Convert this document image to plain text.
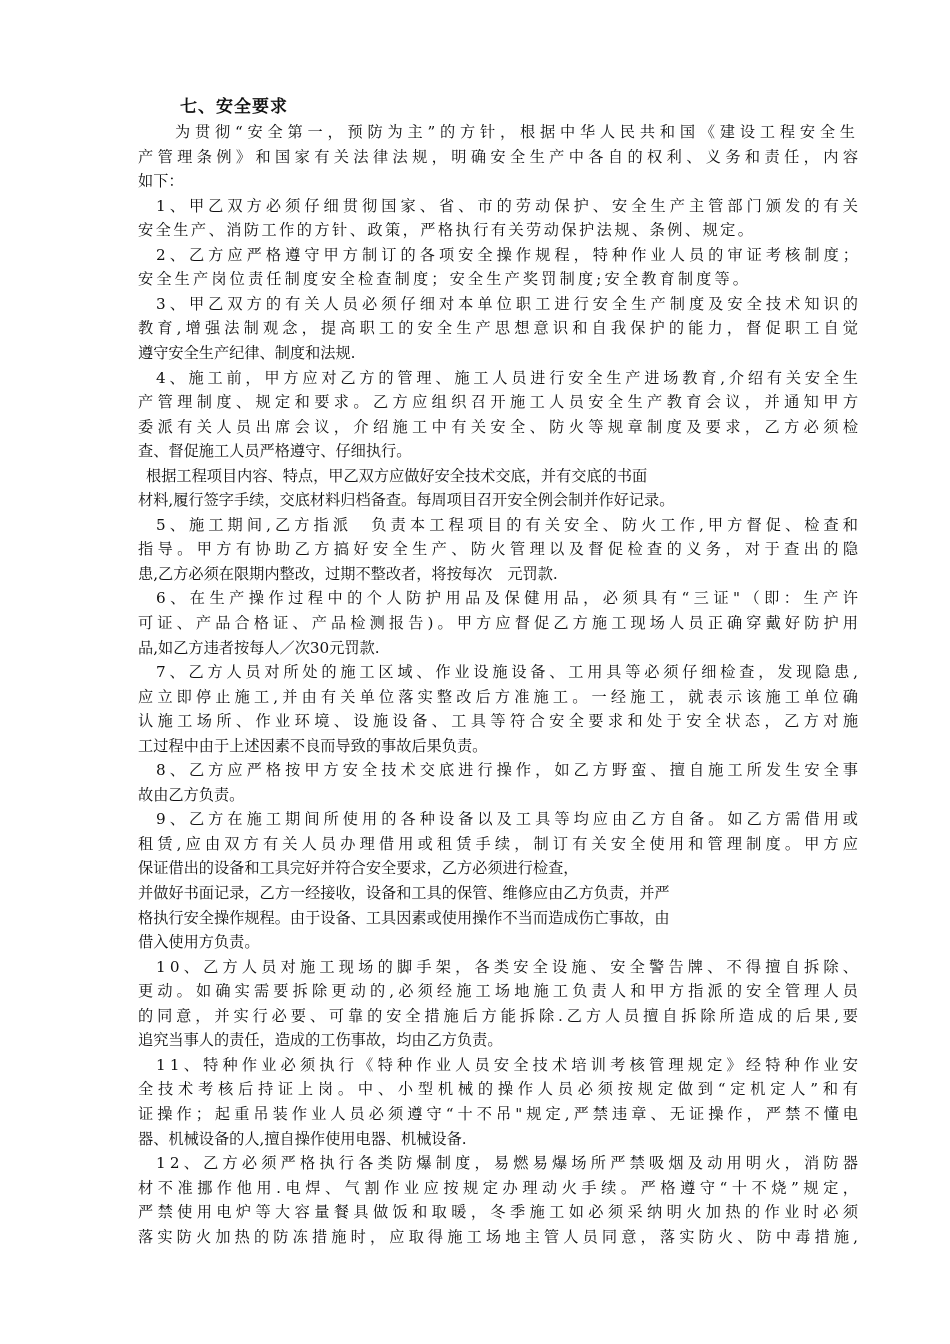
七、安全要求
为贯彻“安全第一，预防为主”的方针，根据中华人民共和国《建设工程安全生
产管理条例》和国家有关法律法规，明确安全生产中各自的权利、义务和责任，内容
如下：
1、甲乙双方必须仔细贯彻国家、省、市的劳动保护、安全生产主管部门颁发的有关
安全生产、消防工作的方针、政策，严格执行有关劳动保护法规、条例、规定。
2、乙方应严格遵守甲方制订的各项安全操作规程，特种作业人员的审证考核制度；
安全生产岗位责任制度安全检查制度；安全生产奖罚制度;安全教育制度等。
3、甲乙双方的有关人员必须仔细对本单位职工进行安全生产制度及安全技术知识的
教育,增强法制观念，提高职工的安全生产思想意识和自我保护的能力，督促职工自觉
遵守安全生产纪律、制度和法规.
4、施工前，甲方应对乙方的管理、施工人员进行安全生产进场教育,介绍有关安全生
产管理制度、规定和要求。乙方应组织召开施工人员安全生产教育会议，并通知甲方
委派有关人员出席会议，介绍施工中有关安全、防火等规章制度及要求，乙方必须检
查、督促施工人员严格遵守、仔细执行。
根据工程项目内容、特点，甲乙双方应做好安全技术交底，并有交底的书面
材料,履行签字手续，交底材料归档备查。每周项目召开安全例会制并作好记录。
5、施工期间,乙方指派　负责本工程项目的有关安全、防火工作,甲方督促、检查和
指导。甲方有协助乙方搞好安全生产、防火管理以及督促检查的义务，对于查出的隐
患,乙方必须在限期内整改，过期不整改者，将按每次　元罚款.
6、在生产操作过程中的个人防护用品及保健用品，必须具有“三证"（即：生产许
可证、产品合格证、产品检测报告)。甲方应督促乙方施工现场人员正确穿戴好防护用
品,如乙方违者按每人／次30元罚款.
7、乙方人员对所处的施工区域、作业设施设备、工用具等必须仔细检查，发现隐患,
应立即停止施工,并由有关单位落实整改后方准施工。一经施工，就表示该施工单位确
认施工场所、作业环境、设施设备、工具等符合安全要求和处于安全状态，乙方对施
工过程中由于上述因素不良而导致的事故后果负责。
8、乙方应严格按甲方安全技术交底进行操作，如乙方野蛮、擅自施工所发生安全事
故由乙方负责。
9、乙方在施工期间所使用的各种设备以及工具等均应由乙方自备。如乙方需借用或
租赁,应由双方有关人员办理借用或租赁手续，制订有关安全使用和管理制度。甲方应
保证借出的设备和工具完好并符合安全要求，乙方必须进行检查，
并做好书面记录，乙方一经接收，设备和工具的保管、维修应由乙方负责，并严
格执行安全操作规程。由于设备、工具因素或使用操作不当而造成伤亡事故，由
借入使用方负责。
10、乙方人员对施工现场的脚手架，各类安全设施、安全警告牌、不得擅自拆除、
更动。如确实需要拆除更动的,必须经施工场地施工负责人和甲方指派的安全管理人员
的同意，并实行必要、可靠的安全措施后方能拆除.乙方人员擅自拆除所造成的后果,要
追究当事人的责任，造成的工伤事故，均由乙方负责。
11、特种作业必须执行《特种作业人员安全技术培训考核管理规定》经特种作业安
全技术考核后持证上岗。中、小型机械的操作人员必须按规定做到“定机定人”和有
证操作；起重吊装作业人员必须遵守“十不吊"规定,严禁违章、无证操作，严禁不懂电
器、机械设备的人,擅自操作使用电器、机械设备.
12、乙方必须严格执行各类防爆制度，易燃易爆场所严禁吸烟及动用明火，消防器
材不准挪作他用.电焊、气割作业应按规定办理动火手续。严格遵守“十不烧”规定，
严禁使用电炉等大容量餐具做饭和取暖，冬季施工如必须采纳明火加热的作业时必须
落实防火加热的防冻措施时，应取得施工场地主管人员同意，落实防火、防中毒措施,
